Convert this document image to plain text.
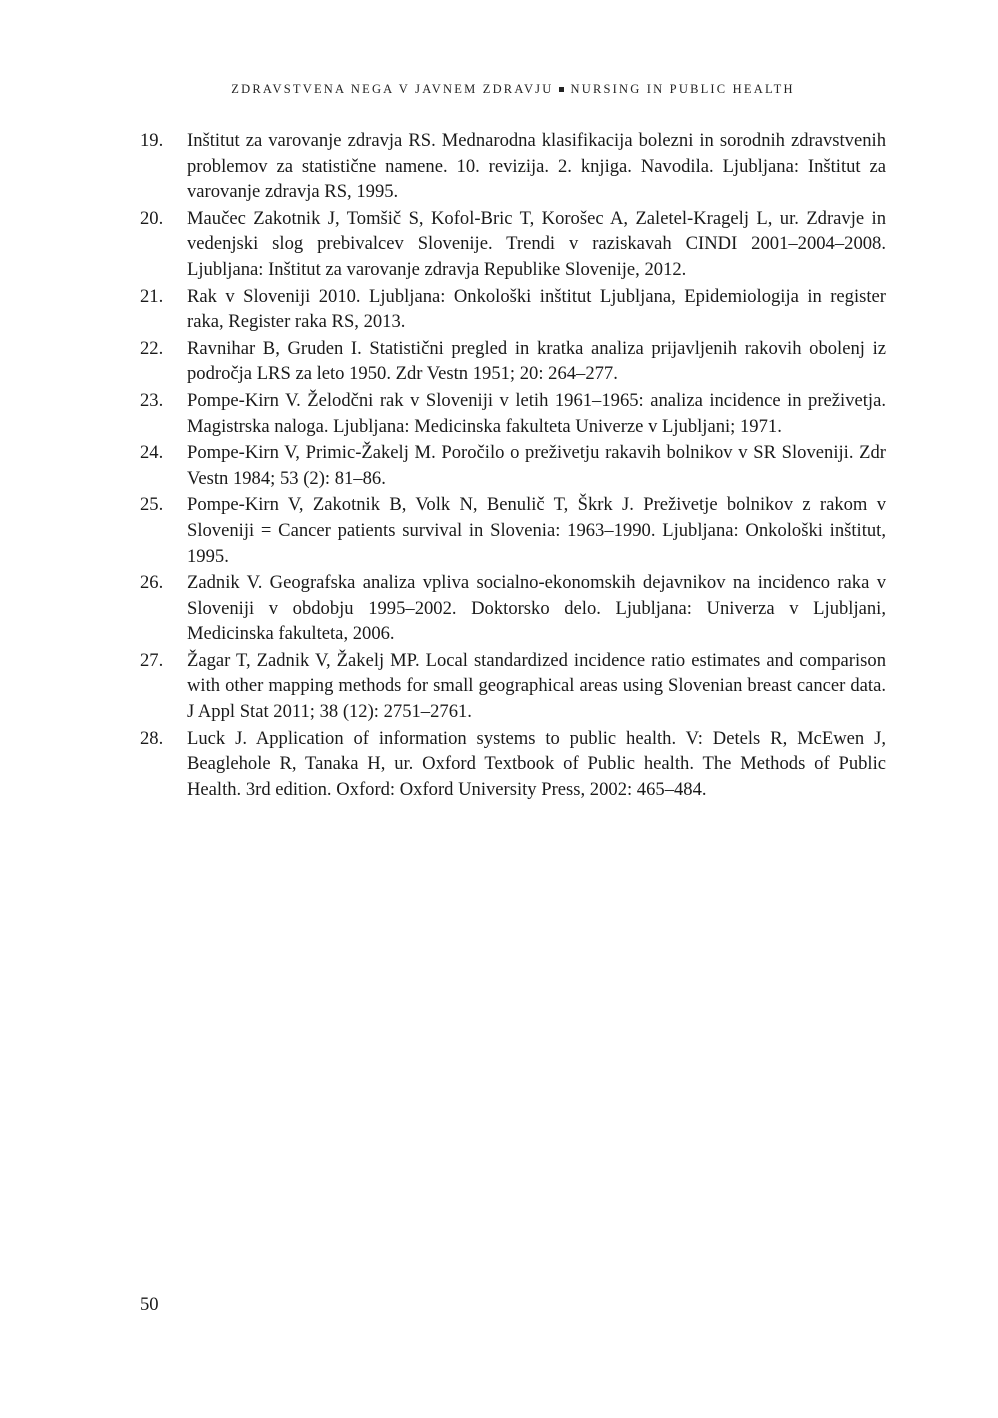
ZDRAVSTVENA NEGA V JAVNEM ZDRAVJU NURSING IN PUBLIC HEALTH
19.	Inštitut za varovanje zdravja RS. Mednarodna klasifikacija bolezni in sorodnih zdravstvenih problemov za statistične namene. 10. revizija. 2. knjiga. Navodila. Ljubljana: Inštitut za varovanje zdravja RS, 1995.
20.	Maučec Zakotnik J, Tomšič S, Kofol-Bric T, Korošec A, Zaletel-Kragelj L, ur. Zdravje in vedenjski slog prebivalcev Slovenije. Trendi v raziskavah CINDI 2001–2004–2008. Ljubljana: Inštitut za varovanje zdravja Republike Slovenije, 2012.
21.	Rak v Sloveniji 2010. Ljubljana: Onkološki inštitut Ljubljana, Epidemiologija in register raka, Register raka RS, 2013.
22.	Ravnihar B, Gruden I. Statistični pregled in kratka analiza prijavljenih rakovih obolenj iz področja LRS za leto 1950. Zdr Vestn 1951; 20: 264–277.
23.	Pompe-Kirn V. Želodčni rak v Sloveniji v letih 1961–1965: analiza incidence in preživetja. Magistrska naloga. Ljubljana: Medicinska fakulteta Univerze v Ljubljani; 1971.
24.	Pompe-Kirn V, Primic-Žakelj M. Poročilo o preživetju rakavih bolnikov v SR Sloveniji. Zdr Vestn 1984; 53 (2): 81–86.
25.	Pompe-Kirn V, Zakotnik B, Volk N, Benulič T, Škrk J. Preživetje bolnikov z rakom v Sloveniji = Cancer patients survival in Slovenia: 1963–1990. Ljubljana: Onkološki inštitut, 1995.
26.	Zadnik V. Geografska analiza vpliva socialno-ekonomskih dejavnikov na incidenco raka v Sloveniji v obdobju 1995–2002. Doktorsko delo. Ljubljana: Univerza v Ljubljani, Medicinska fakulteta, 2006.
27.	Žagar T, Zadnik V, Žakelj MP. Local standardized incidence ratio estimates and comparison with other mapping methods for small geographical areas using Slovenian breast cancer data. J Appl Stat 2011; 38 (12): 2751–2761.
28.	Luck J. Application of information systems to public health. V: Detels R, McEwen J, Beaglehole R, Tanaka H, ur. Oxford Textbook of Public health. The Methods of Public Health. 3rd edition. Oxford: Oxford University Press, 2002: 465–484.
50
